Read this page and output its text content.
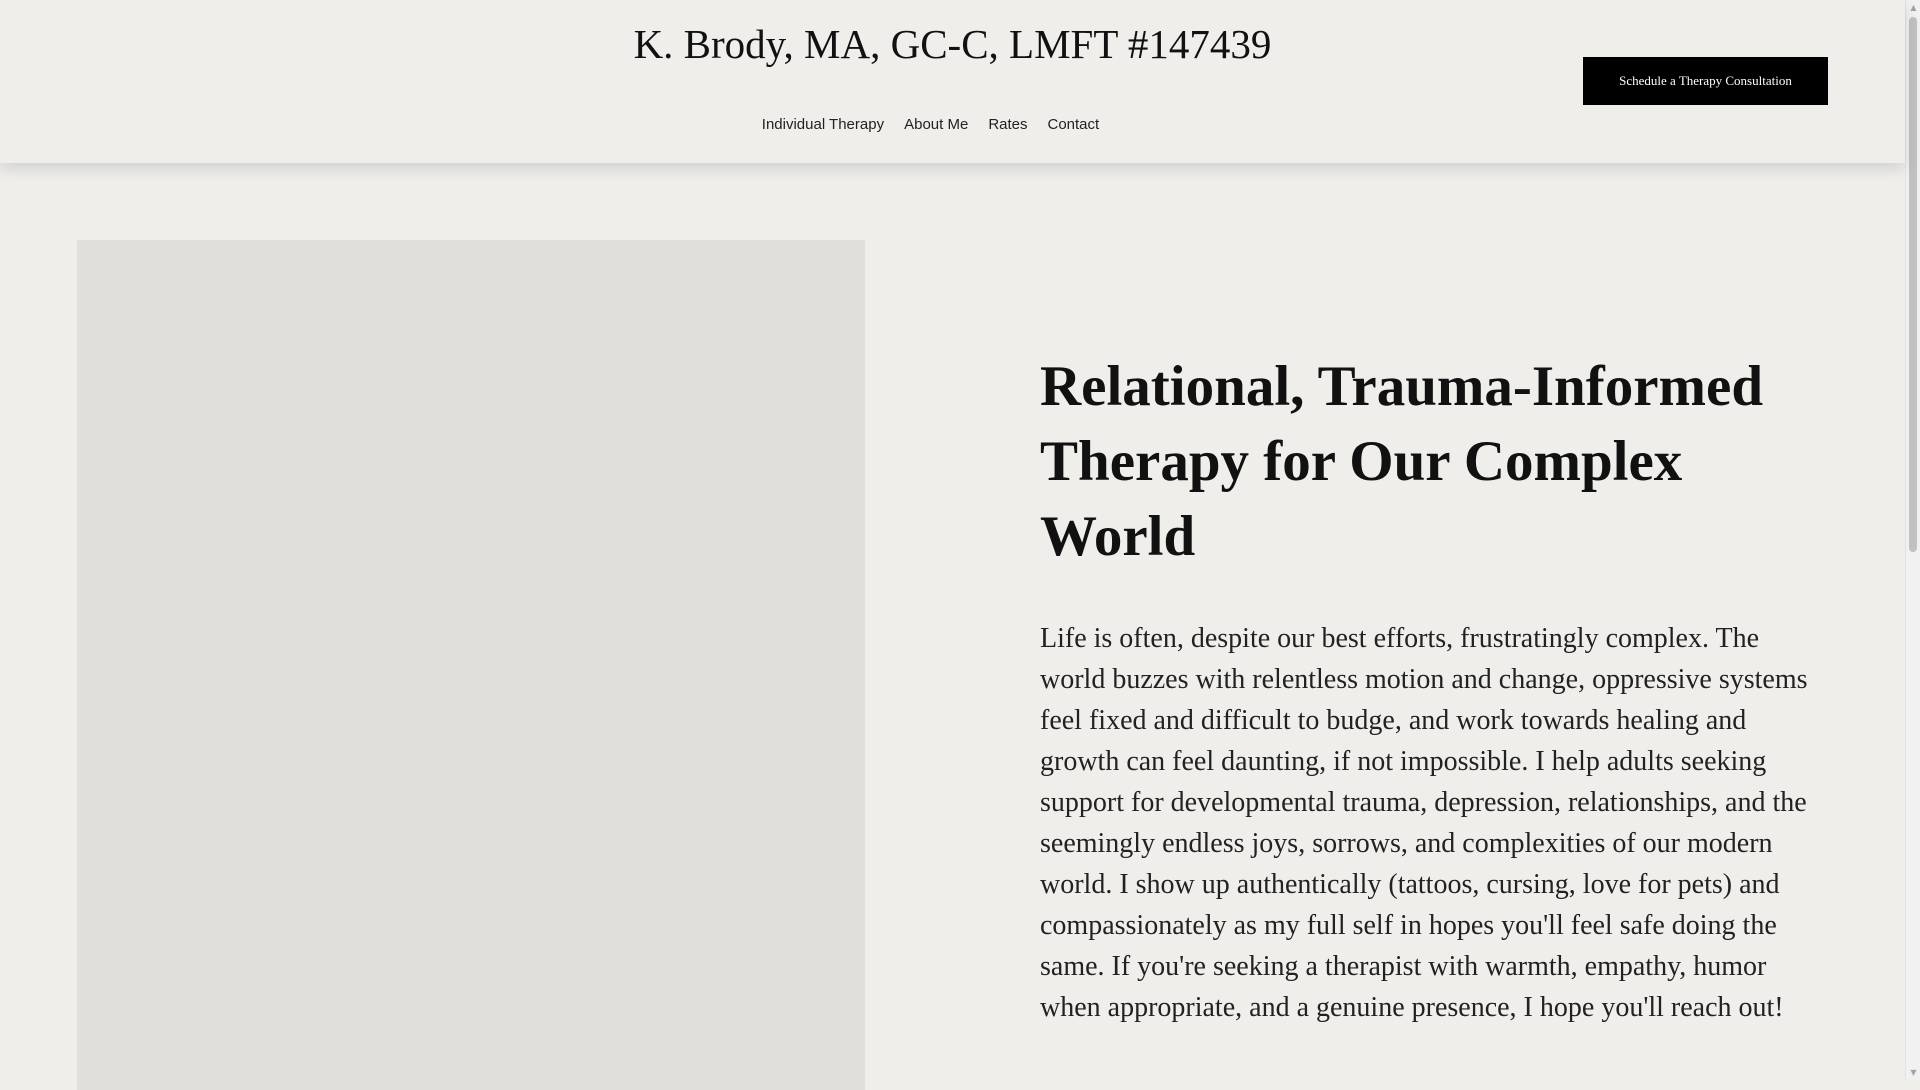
K. Brody, MA, GC-C, LMFT #147439
Individual Therapy	About Me	Rates	Contact
Schedule a Therapy Consultation
Relational, Trauma-Informed Therapy for Our Complex World

Life is often, despite our best efforts, frustratingly complex. The world buzzes with relentless motion and change, oppressive systems feel fixed and difficult to budge, and work towards healing and growth can feel daunting, if not impossible. I help adults seeking support for developmental trauma, depression, relationships, and the seemingly endless joys, sorrows, and complexities of our modern world. I show up authentically (tattoos, cursing, love for pets) and compassionately as my full self in hopes you'll feel safe doing the same. If you're seeking a therapist with warmth, empathy, humor when appropriate, and a genuine presence, I hope you'll reach out!

▲
▼
